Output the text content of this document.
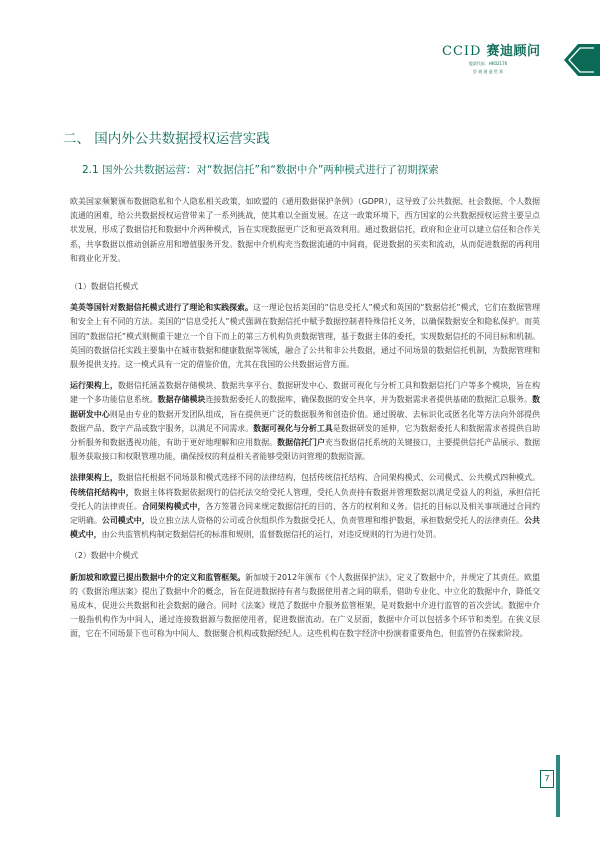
CCID 赛迪顾问
股票代码：HK02176
咨 询 创 造 世 界
二、 国内外公共数据授权运营实践
2.1 国外公共数据运营：对“数据信托”和“数据中介”两种模式进行了初期探索

欧美国家频繁颁布数据隐私和个人隐私相关政策，如欧盟的《通用数据保护条例》（GDPR），这导致了公共数据、社会数据、个人数据流通的困难，给公共数据授权运营带来了一系列挑战，使其难以全面发展。在这一政策环境下，西方国家的公共数据授权运营主要呈点状发展，形成了数据信托和数据中介两种模式，旨在实现数据更广泛和更高效利用。通过数据信托，政府和企业可以建立信任和合作关系，共享数据以推动创新应用和增值服务开发。数据中介机构充当数据流通的中间商，促进数据的买卖和流动，从而促进数据的再利用和商业化开发。

（1）数据信托模式

美英等国针对数据信托模式进行了理论和实践探索。这一理论包括美国的“信息受托人”模式和英国的“数据信托”模式，它们在数据管理和安全上有不同的方法。美国的“信息受托人”模式强调在数据信托中赋予数据控制者特殊信托义务，以确保数据安全和隐私保护。而英国的“数据信托”模式则侧重于建立一个自下而上的第三方机构负责数据管理，基于数据主体的委托，实现数据信托的不同目标和机制。英国的数据信托实践主要集中在城市数据和健康数据等领域，融合了公共和非公共数据，通过不同场景的数据信托机制，为数据管理和服务提供支持。这一模式具有一定的借鉴价值，尤其在我国的公共数据运营方面。

运行架构上，数据信托涵盖数据存储模块、数据共享平台、数据研发中心、数据可视化与分析工具和数据信托门户等多个模块，旨在构建一个多功能信息系统。数据存储模块连接数据委托人的数据库，确保数据的安全共享，并为数据需求者提供基础的数据汇总服务。数据研发中心则是由专业的数据开发团队组成，旨在提供更广泛的数据服务和创造价值。通过脱敏、去标识化或匿名化等方法向外部提供数据产品、数字产品或数字服务，以满足不同需求。数据可视化与分析工具是数据研发的延伸，它为数据委托人和数据需求者提供自助分析服务和数据透视功能，有助于更好地理解和应用数据。数据信托门户充当数据信托系统的关键接口，主要提供信托产品展示、数据服务获取接口和权限管理功能，确保授权的利益相关者能够受限访问管理的数据资源。

法律架构上，数据信托根据不同场景和模式选择不同的法律结构，包括传统信托结构、合同架构模式、公司模式、公共模式四种模式。传统信托结构中，数据主体将数据依据现行的信托法交给受托人管理，受托人负责持有数据并管理数据以满足受益人的利益，承担信托受托人的法律责任。合同架构模式中，各方签署合同来规定数据信托的目的、各方的权利和义务。信托的目标以及相关事项通过合同约定明确。公司模式中，设立独立法人资格的公司或合伙组织作为数据受托人，负责管理和维护数据，承担数据受托人的法律责任。公共模式中，由公共监管机构制定数据信托的标准和规则，监督数据信托的运行，对违反规则的行为进行处罚。

（2）数据中介模式

新加坡和欧盟已提出数据中介的定义和监管框架。新加坡于2012年颁布《个人数据保护法》，定义了数据中介，并规定了其责任。欧盟的《数据治理法案》提出了数据中介的概念，旨在促进数据持有者与数据使用者之间的联系，借助专业化、中立化的数据中介，降低交易成本，促进公共数据和社会数据的融合。同时《法案》规范了数据中介服务监管框架，是对数据中介进行监管的首次尝试。数据中介一般指机构作为中间人，通过连接数据源与数据使用者，促进数据流动。在广义层面，数据中介可以包括多个环节和类型。在狭义层面，它在不同场景下也可称为中间人、数据聚合机构或数据经纪人。这些机构在数字经济中扮演着重要角色，但监管仍在探索阶段。

7
